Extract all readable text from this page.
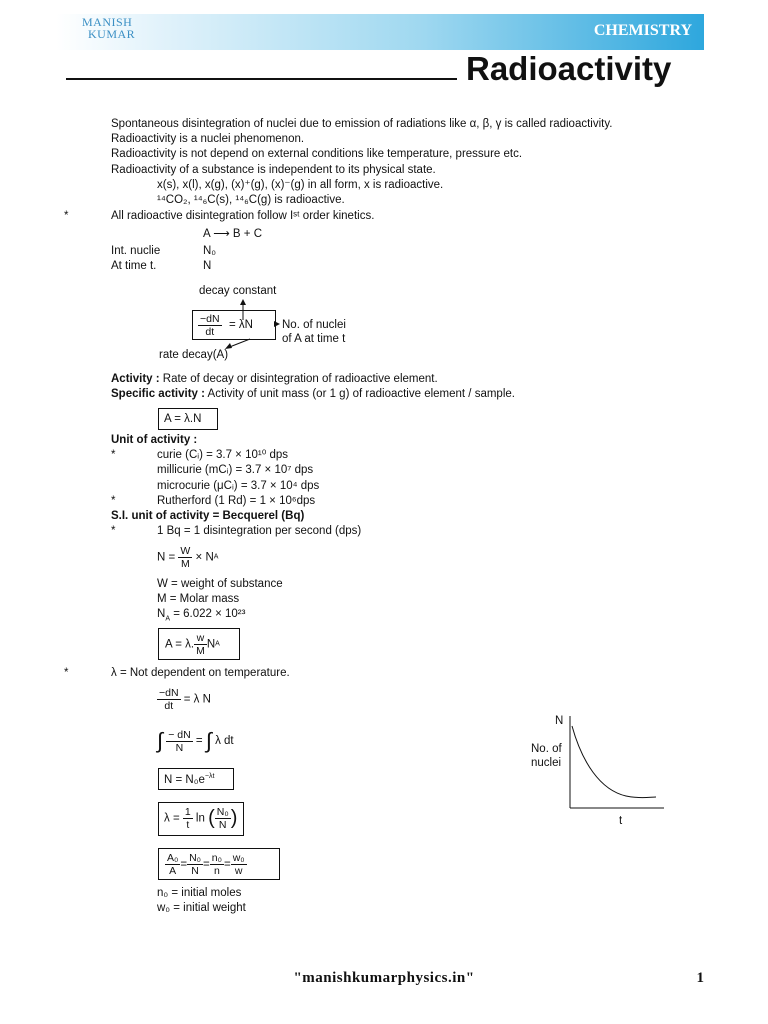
MANISH
KUMAR	CHEMISTRY
Radioactivity
Spontaneous disintegration of nuclei due to emission of radiations like α, β, γ is called radioactivity.
Radioactivity is a nuclei phenomenon.
Radioactivity is not depend on external conditions like temperature, pressure etc.
Radioactivity of a substance is independent to its physical state.
x(s), x(l), x(g), (x)⁺(g), (x)⁻(g) in all form, x is radioactive.
¹⁴CO₂, ¹⁴₆C(s), ¹⁴₆C(g) is radioactive.
*	All radioactive disintegration follow Iˢᵗ order kinetics.
A ⟶ B + C
Int. nuclie	N₀
At time t.	N
decay constant
$\frac{-dN}{dt} = \lambda N$	No. of nuclei
of A at time t
rate decay(A)
Activity : Rate of decay or disintegration of radioactive element.
Specific activity : Activity of unit mass (or 1 g) of radioactive element / sample.
A = λ.N
Unit of activity :
*	curie (Cᵢ) = 3.7 × 10¹⁰ dps
millicurie (mCᵢ) = 3.7 × 10⁷ dps
microcurie (μCᵢ) = 3.7 × 10⁴ dps
*	Rutherford (1 Rd) = 1 × 10⁶dps
S.I. unit of activity = Becquerel (Bq)
*	1 Bq = 1 disintegration per second (dps)
$N = \frac{W}{M}$ × NA
W = weight of substance
M = Molar mass
$N_A = 6.022 \times 10^{23}$
A = λ. $\frac{w}{M}$ NA
*	λ = Not dependent on temperature.
$\frac{-dN}{dt} = \lambda$ N
∫ $\frac{- dN}{N}$ = ∫ λ dt
$N = N_0e^{-\lambda t}$
$\lambda = \frac{1}{t}$ ln ( $\frac{\text{N₀}}{N}$ )
$\frac{\text{A₀}}{A} = \frac{\text{N₀}}{N} = \frac{\text{n₀}}{n} = \frac{\text{w₀}}{w}$
n₀ = initial moles
w₀ = initial weight
N
No. of
nuclei
t
"manishkumarphysics.in"	1
